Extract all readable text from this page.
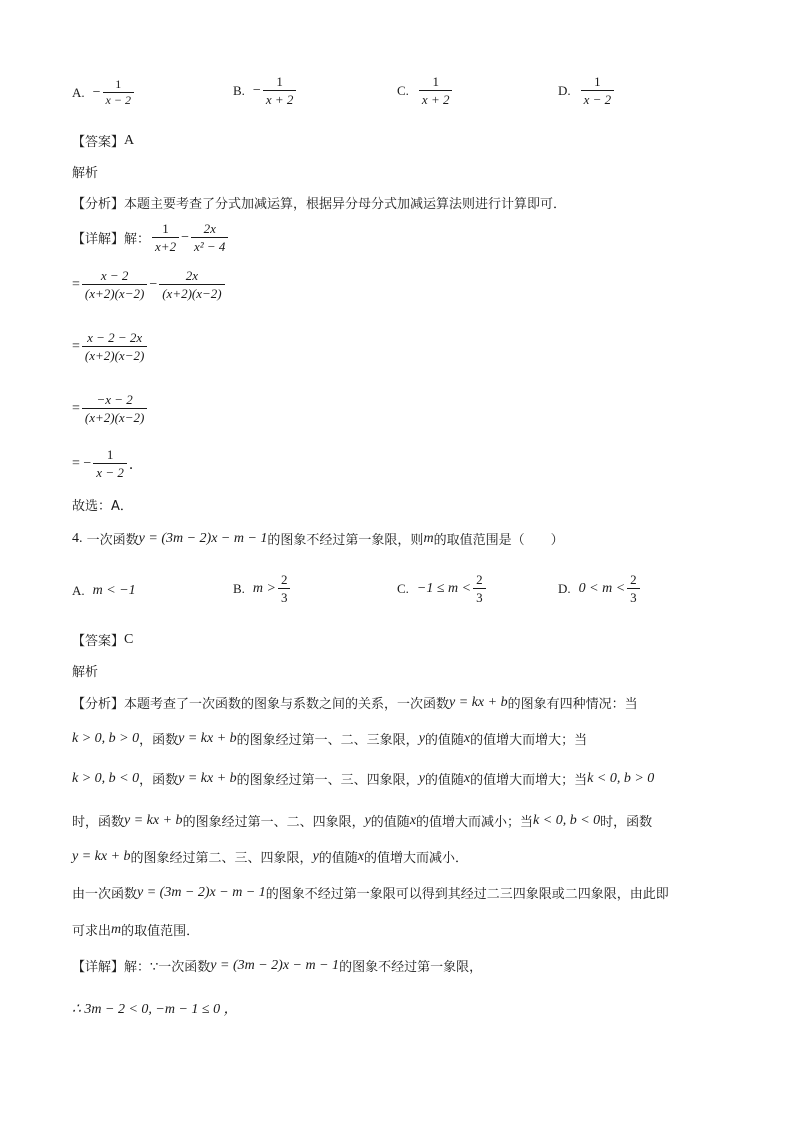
A. − $\frac{1}{x - 2}$	B. − $\frac{1}{x + 2}$	C. $\frac{1}{x + 2}$	D. $\frac{1}{x - 2}$
【答案】 A
解析
【分析】 本题主要考查了分式加减运算，根据异分母分式加减运算法则进行计算即可．
【详解】 解： $\frac{1}{x+2} - \frac{2x}{\text{x² − 4}}$
= $\frac{x - 2}{(x+2)(x-2)} - \frac{2x}{(x+2)(x-2)}$
= $\frac{x - 2 - 2x}{(x+2)(x-2)}$
= $\frac{-x - 2}{(x+2)(x-2)}$
= − $\frac{1}{x - 2}$ ．
故选：A．
4.
一次函数 y = (3m − 2)x − m − 1 的图象不经过第一象限，则 m 的取值范围是（　　）
A. m < −1	B. $m > \frac{2}{3}$	C. $-1 \le m < \frac{2}{3}$	D. $0 < m < \frac{2}{3}$
【答案】 C
解析
【分析】 本题考查了一次函数的图象与系数之间的关系，一次函数 y = kx + b 的图象有四种情况：当
k > 0, b > 0 ，函数 y = kx + b 的图象经过第一、二、三象限， y 的值随 x 的值增大而增大；当
k > 0, b < 0 ，函数 y = kx + b 的图象经过第一、三、四象限， y 的值随 x 的值增大而增大；当 k < 0, b > 0
时，函数 y = kx + b 的图象经过第一、二、四象限， y 的值随 x 的值增大而减小；当 k < 0, b < 0 时，函数
y = kx + b 的图象经过第二、三、四象限， y 的值随 x 的值增大而减小．
由一次函数 y = (3m − 2)x − m − 1 的图象不经过第一象限可以得到其经过二三四象限或二四象限，由此即
可求出 m 的取值范围．
【详解】 解：∵一次函数 y = (3m − 2)x − m − 1 的图象不经过第一象限，
∴ 3m − 2 < 0, −m − 1 ≤ 0 ，
